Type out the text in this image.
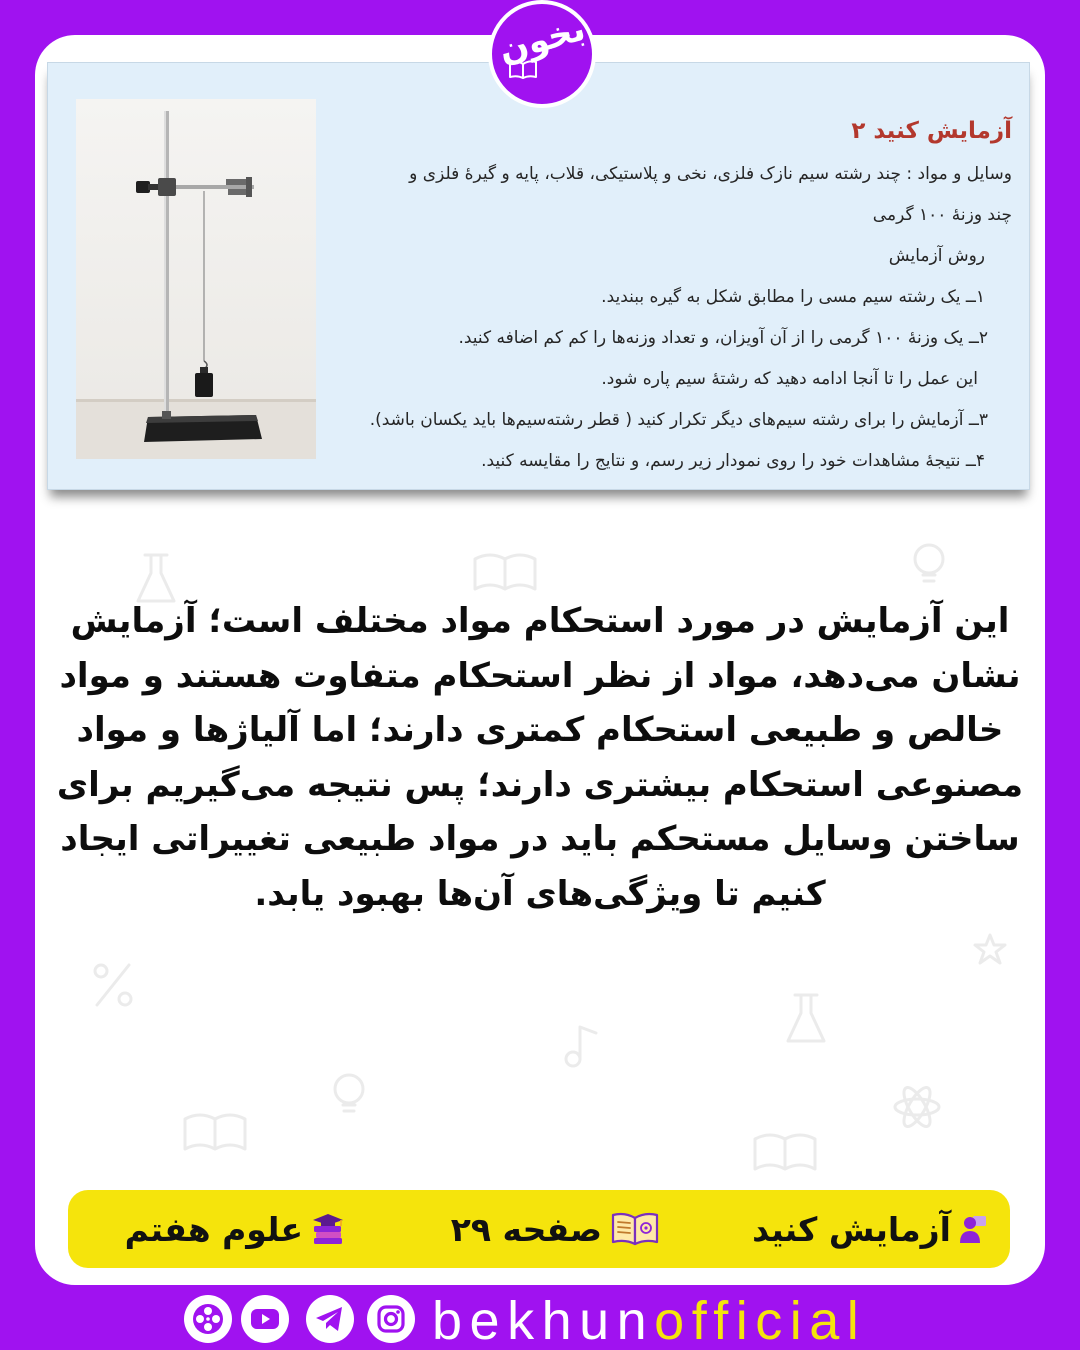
آزمایش کنید ۲
وسایل و مواد : چند رشته سیم نازک فلزی، نخی و پلاستیکی، قلاب، پایه و گیرهٔ فلزی و
چند وزنهٔ ۱۰۰ گرمی
روش آزمایش
۱ــ یک رشته سیم مسی را مطابق شکل به گیره ببندید.
۲ــ یک وزنهٔ ۱۰۰ گرمی را از آن آویزان، و تعداد وزنه‌ها را کم کم اضافه کنید.
این عمل را تا آنجا ادامه دهید که رشتهٔ سیم پاره شود.
۳ــ آزمایش را برای رشته سیم‌های دیگر تکرار کنید ( قطر رشته‌سیم‌ها باید یکسان باشد).
۴ــ نتیجهٔ مشاهدات خود را روی نمودار زیر رسم، و نتایج را مقایسه کنید.
این آزمایش در مورد استحکام مواد مختلف است؛ آزمایش
نشان می‌دهد، مواد از نظر استحکام متفاوت هستند و مواد
خالص و طبیعی استحکام کمتری دارند؛ اما آلیاژها و مواد
مصنوعی استحکام بیشتری دارند؛ پس نتیجه می‌گیریم برای
ساختن وسایل مستحکم باید در مواد طبیعی تغییراتی ایجاد
کنیم تا ویژگی‌های آن‌ها بهبود یابد.
آزمایش کنید
صفحه ۲۹
علوم هفتم
بخون
bekhunofficial
